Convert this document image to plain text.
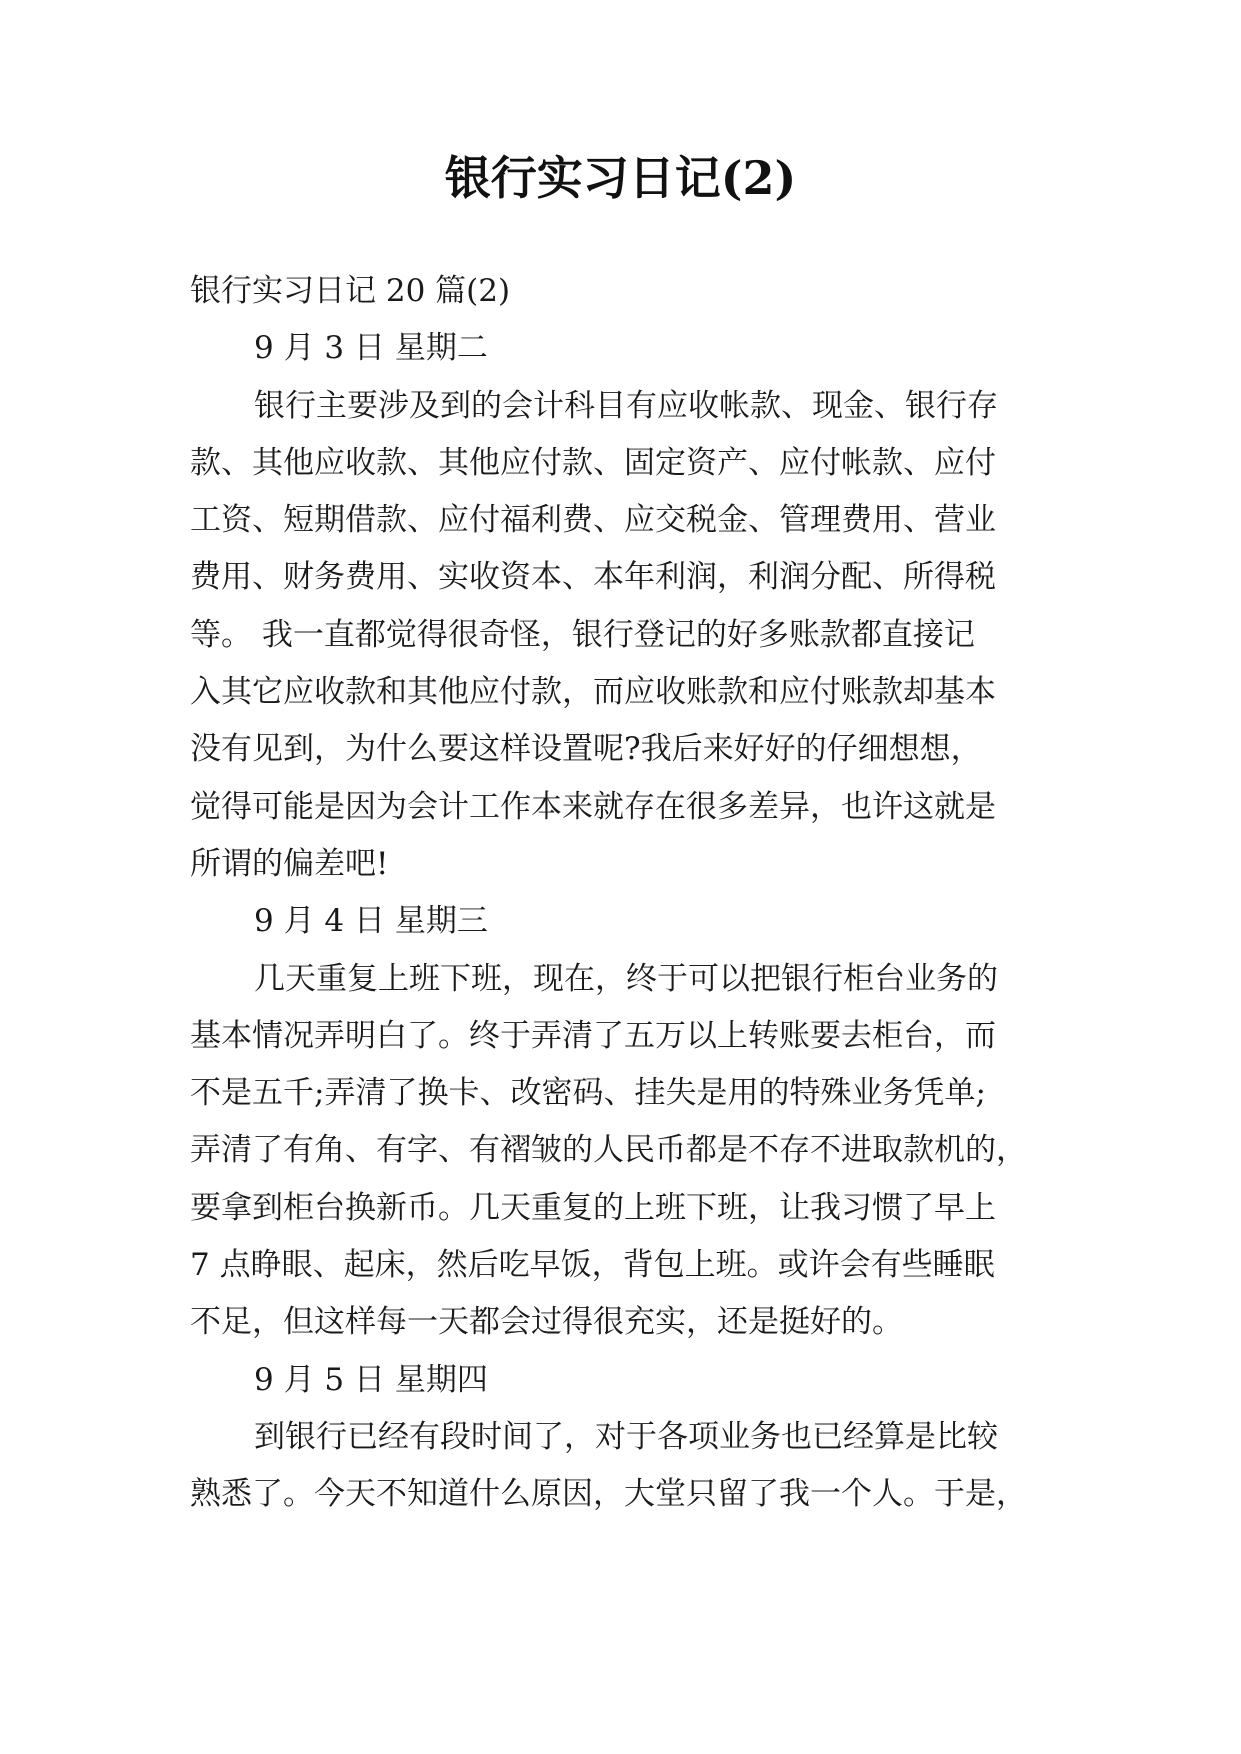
银行实习日记(2)

银行实习日记 20 篇(2)

9 月 3 日 星期二

银行主要涉及到的会计科目有应收帐款、现金、银行存

款、其他应收款、其他应付款、固定资产、应付帐款、应付

工资、短期借款、应付福利费、应交税金、管理费用、营业

费用、财务费用、实收资本、本年利润，利润分配、所得税

等。 我一直都觉得很奇怪，银行登记的好多账款都直接记

入其它应收款和其他应付款，而应收账款和应付账款却基本

没有见到，为什么要这样设置呢?我后来好好的仔细想想，

觉得可能是因为会计工作本来就存在很多差异，也许这就是

所谓的偏差吧!

9 月 4 日 星期三

几天重复上班下班，现在，终于可以把银行柜台业务的

基本情况弄明白了。终于弄清了五万以上转账要去柜台，而

不是五千;弄清了换卡、改密码、挂失是用的特殊业务凭单;

弄清了有角、有字、有褶皱的人民币都是不存不进取款机的，

要拿到柜台换新币。几天重复的上班下班，让我习惯了早上

7 点睁眼、起床，然后吃早饭，背包上班。或许会有些睡眠

不足，但这样每一天都会过得很充实，还是挺好的。

9 月 5 日 星期四

到银行已经有段时间了，对于各项业务也已经算是比较

熟悉了。今天不知道什么原因，大堂只留了我一个人。于是，
